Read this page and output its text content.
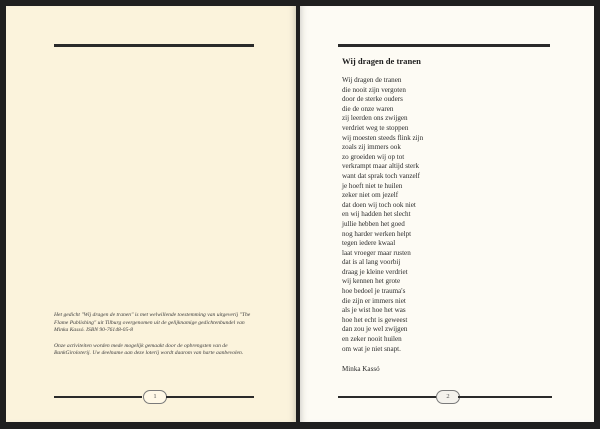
Het gedicht "Wij dragen de tranen" is met welwillende toestemming van uitgeverij "The Flame Publishing" uit Tilburg overgenomen uit de gelijknamige gedichtenbundel van Minka Kassó. ISBN 90-76148-05-8

Onze activiteiten worden mede mogelijk gemaakt door de opbrengsten van de BankGiroloterij. Uw deelname aan deze loterij wordt daarom van harte aanbevolen.

1
Wij dragen de tranen
Wij dragen de tranen
die nooit zijn vergoten
door de sterke ouders
die de onze waren
zij leerden ons zwijgen
verdriet weg te stoppen
wij moesten steeds flink zijn
zoals zij immers ook
zo groeiden wij op tot
verkrampt maar altijd sterk
want dat sprak toch vanzelf
je hoeft niet te huilen
zeker niet om jezelf
dat doen wij toch ook niet
en wij hadden het slecht
jullie hebben het goed
nog harder werken helpt
tegen iedere kwaal
laat vroeger maar rusten
dat is al lang voorbij
draag je kleine verdriet
wij kennen het grote
hoe bedoel je trauma's
die zijn er immers niet
als je wist hoe het was
hoe het echt is geweest
dan zou je wel zwijgen
en zeker nooit huilen
om wat je niet snapt.
Minka Kassó
2
